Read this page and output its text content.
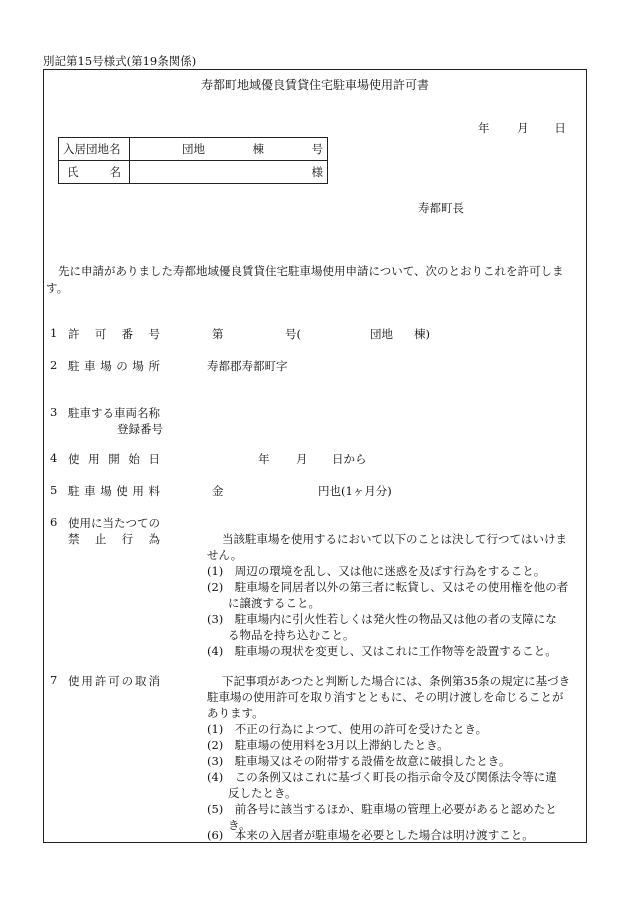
別記第15号様式(第19条関係)
寿都町地域優良賃貸住宅駐車場使用許可書
年 月 日
入居団地名	団地 棟 号

氏 名	様
寿都町長
先に申請がありました寿都地域優良賃貸住宅駐車場使用申請について、次のとおりこれを許可しま
す。
1 許 可 番 号	第	号(	団地 棟)
2 駐 車 場 の 場 所	寿都郡寿都町字
3 駐車する車両名称
登録番号
4 使 用 開 始 日	年 月 日から
5 駐 車 場 使 用 料	金	円也(1ヶ月分)
6 使用に当たつての
禁 止 行 為	当該駐車場を使用するにおいて以下のことは決して行つてはいけま
せん。
(1)　周辺の環境を乱し、又は他に迷惑を及ぼす行為をすること。
(2)　駐車場を同居者以外の第三者に転貸し、又はその使用権を他の者
に譲渡すること。
(3)　駐車場内に引火性若しくは発火性の物品又は他の者の支障にな
る物品を持ち込むこと。
(4)　駐車場の現状を変更し、又はこれに工作物等を設置すること。
7 使 用 許 可 の 取 消	下記事項があつたと判断した場合には、条例第35条の規定に基づき
駐車場の使用許可を取り消すとともに、その明け渡しを命じることが
あります。
(1)　不正の行為によつて、使用の許可を受けたとき。
(2)　駐車場の使用料を3月以上滞納したとき。
(3)　駐車場又はその附帯する設備を故意に破損したとき。
(4)　この条例又はこれに基づく町長の指示命令及び関係法令等に違
反したとき。
(5)　前各号に該当するほか、駐車場の管理上必要があると認めたと
き。
(6)　本来の入居者が駐車場を必要とした場合は明け渡すこと。
